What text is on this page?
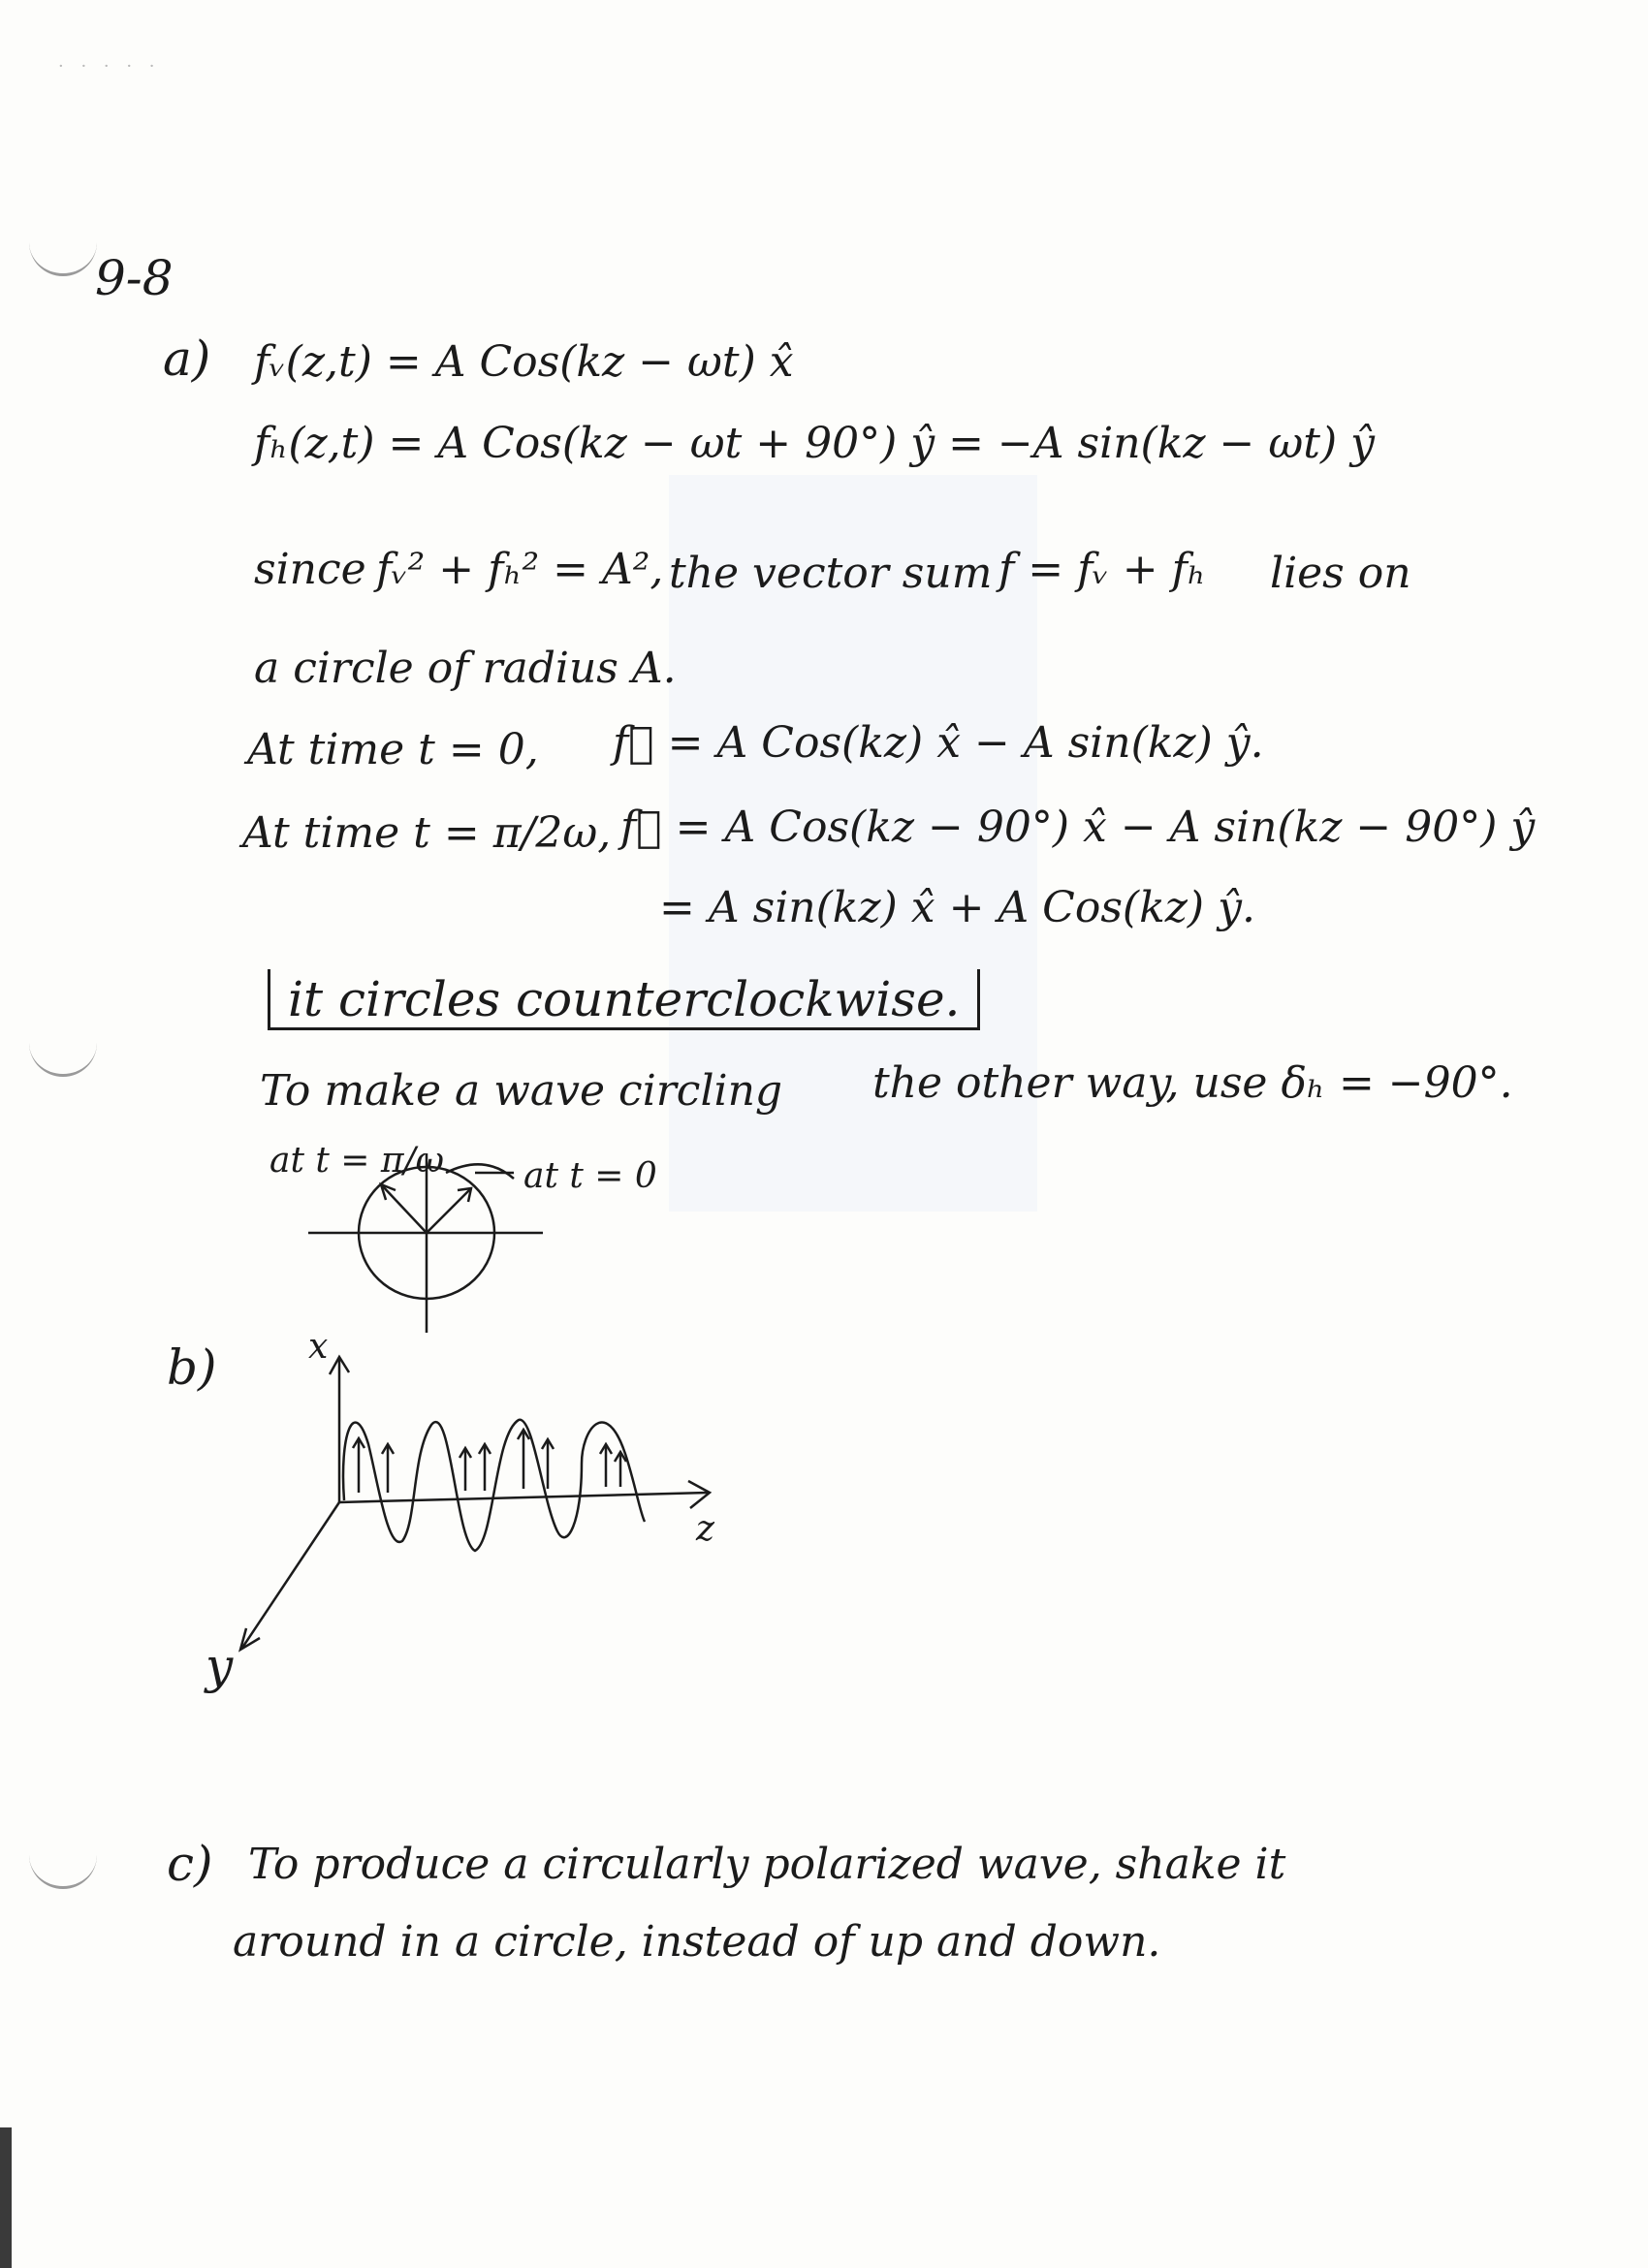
· · · · ·
9-8
a) fᵥ(z,t) = A Cos(kz − ωt) x̂
fₕ(z,t) = A Cos(kz − ωt + 90°) ŷ = −A sin(kz − ωt) ŷ
since fᵥ² + fₕ² = A², the vector sum f = fᵥ + fₕ lies on
a circle of radius A.
At time t = 0, f⃗ = A Cos(kz) x̂ − A sin(kz) ŷ.
At time t = π/2ω, f⃗ = A Cos(kz − 90°) x̂ − A sin(kz − 90°) ŷ
= A sin(kz) x̂ + A Cos(kz) ŷ.
it circles counterclockwise.
To make a wave circling the other way, use δₕ = −90°.
at t = π/ω at t = 0
b)	x
z
y
c) To produce a circularly polarized wave, shake it
around in a circle, instead of up and down.
